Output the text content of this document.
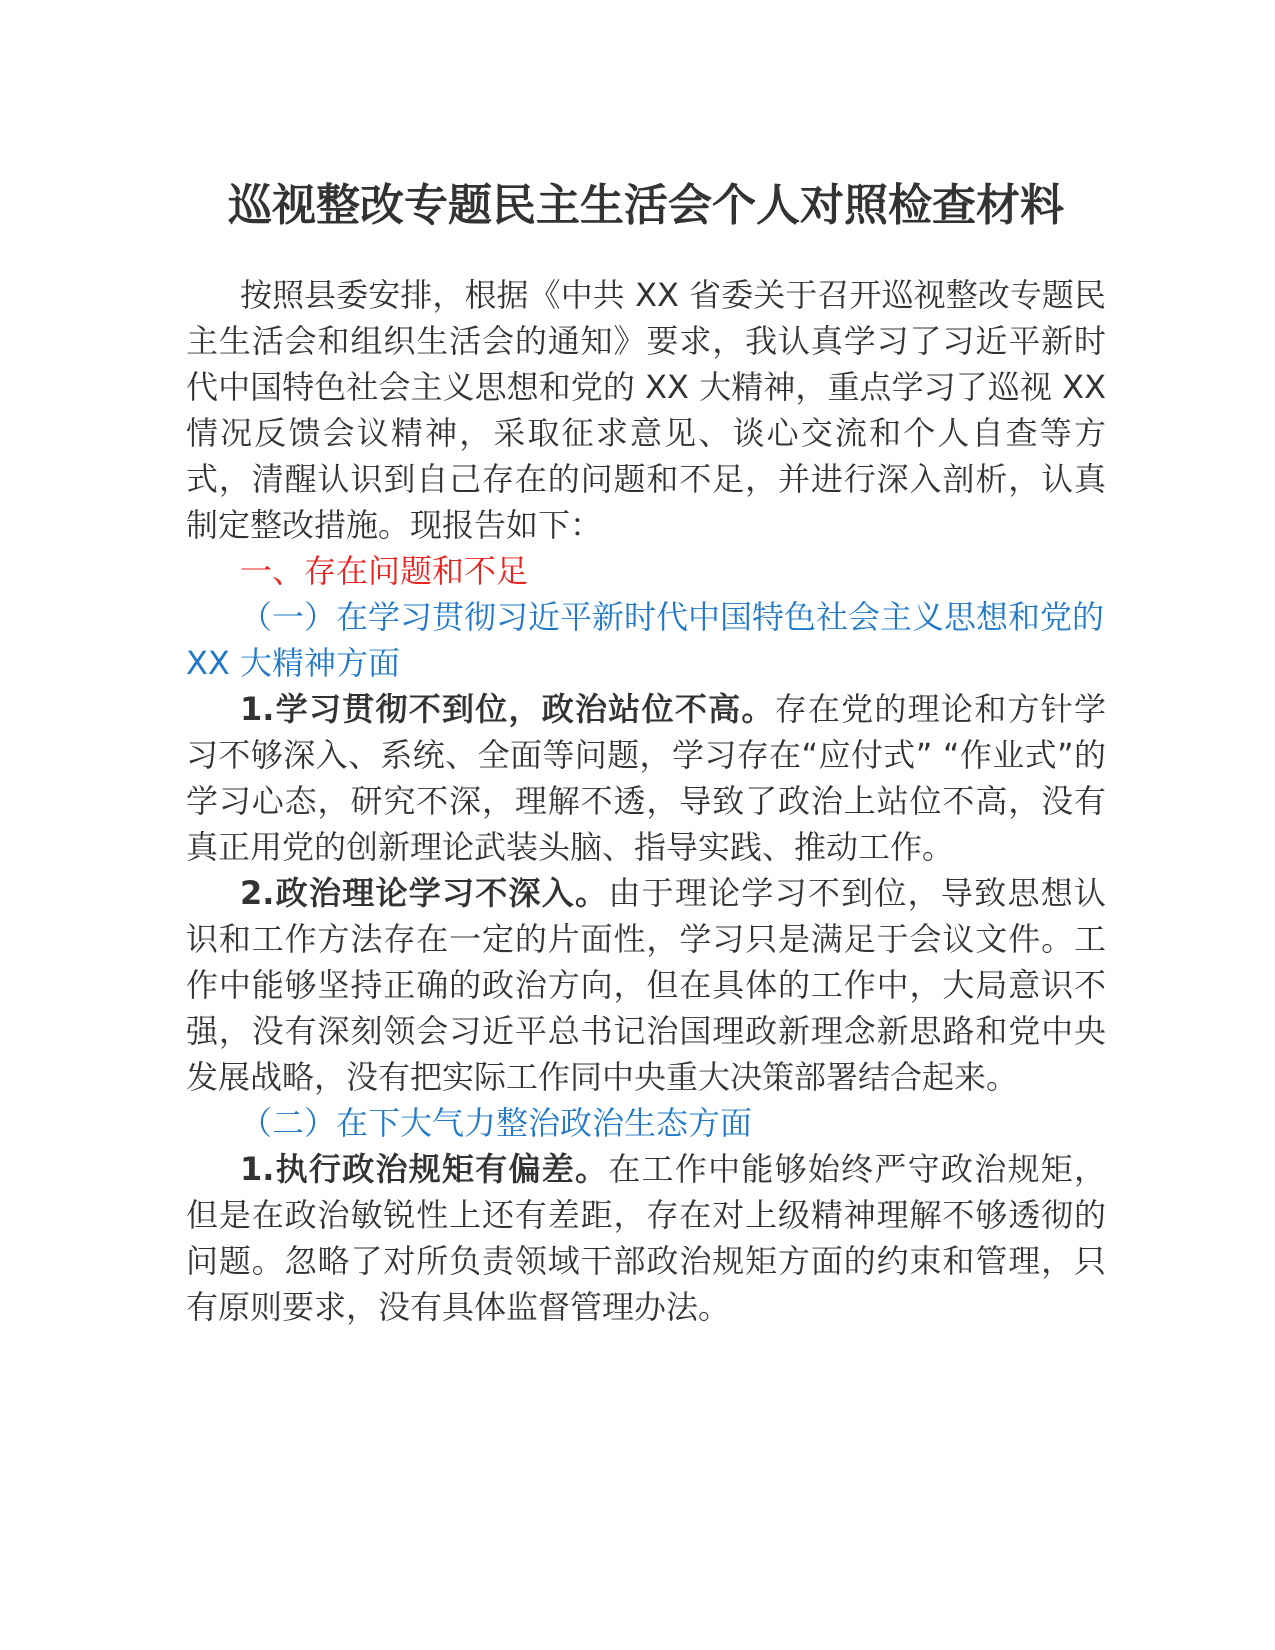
巡视整改专题民主生活会个人对照检查材料

按照县委安排，根据《中共 XX 省委关于召开巡视整改专题民主生活会和组织生活会的通知》要求，我认真学习了习近平新时代中国特色社会主义思想和党的 XX 大精神，重点学习了巡视 XX 情况反馈会议精神，采取征求意见、谈心交流和个人自查等方式，清醒认识到自己存在的问题和不足，并进行深入剖析，认真制定整改措施。现报告如下：

一、存在问题和不足

（一）在学习贯彻习近平新时代中国特色社会主义思想和党的 XX 大精神方面

1.学习贯彻不到位，政治站位不高。存在党的理论和方针学习不够深入、系统、全面等问题，学习存在“应付式” “作业式”的学习心态，研究不深，理解不透，导致了政治上站位不高，没有真正用党的创新理论武装头脑、指导实践、推动工作。

2.政治理论学习不深入。由于理论学习不到位，导致思想认识和工作方法存在一定的片面性，学习只是满足于会议文件。工作中能够坚持正确的政治方向，但在具体的工作中，大局意识不强，没有深刻领会习近平总书记治国理政新理念新思路和党中央发展战略，没有把实际工作同中央重大决策部署结合起来。

（二）在下大气力整治政治生态方面

1.执行政治规矩有偏差。在工作中能够始终严守政治规矩，但是在政治敏锐性上还有差距，存在对上级精神理解不够透彻的问题。忽略了对所负责领域干部政治规矩方面的约束和管理，只有原则要求，没有具体监督管理办法。
